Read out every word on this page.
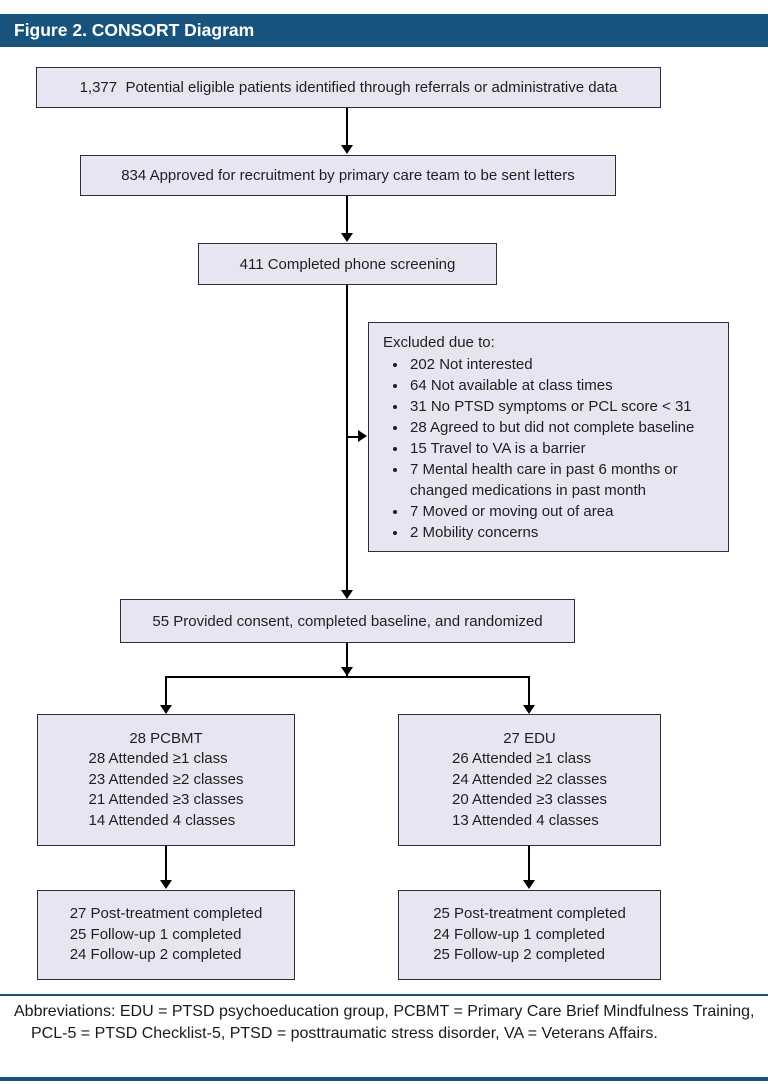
Figure 2. CONSORT Diagram
1,377  Potential eligible patients identified through referrals or administrative data
834 Approved for recruitment by primary care team to be sent letters
411 Completed phone screening
Excluded due to:
• 202 Not interested
• 64 Not available at class times
• 31 No PTSD symptoms or PCL score < 31
• 28 Agreed to but did not complete baseline
• 15 Travel to VA is a barrier
• 7 Mental health care in past 6 months or changed medications in past month
• 7 Moved or moving out of area
• 2 Mobility concerns
55 Provided consent, completed baseline, and randomized
28 PCBMT
28 Attended ≥1 class
23 Attended ≥2 classes
21 Attended ≥3 classes
14 Attended 4 classes
27 EDU
26 Attended ≥1 class
24 Attended ≥2 classes
20 Attended ≥3 classes
13 Attended 4 classes
27 Post-treatment completed
25 Follow-up 1 completed
24 Follow-up 2 completed
25 Post-treatment completed
24 Follow-up 1 completed
25 Follow-up 2 completed

Abbreviations: EDU = PTSD psychoeducation group, PCBMT = Primary Care Brief Mindfulness Training, PCL-5 = PTSD Checklist-5, PTSD = posttraumatic stress disorder, VA = Veterans Affairs.
